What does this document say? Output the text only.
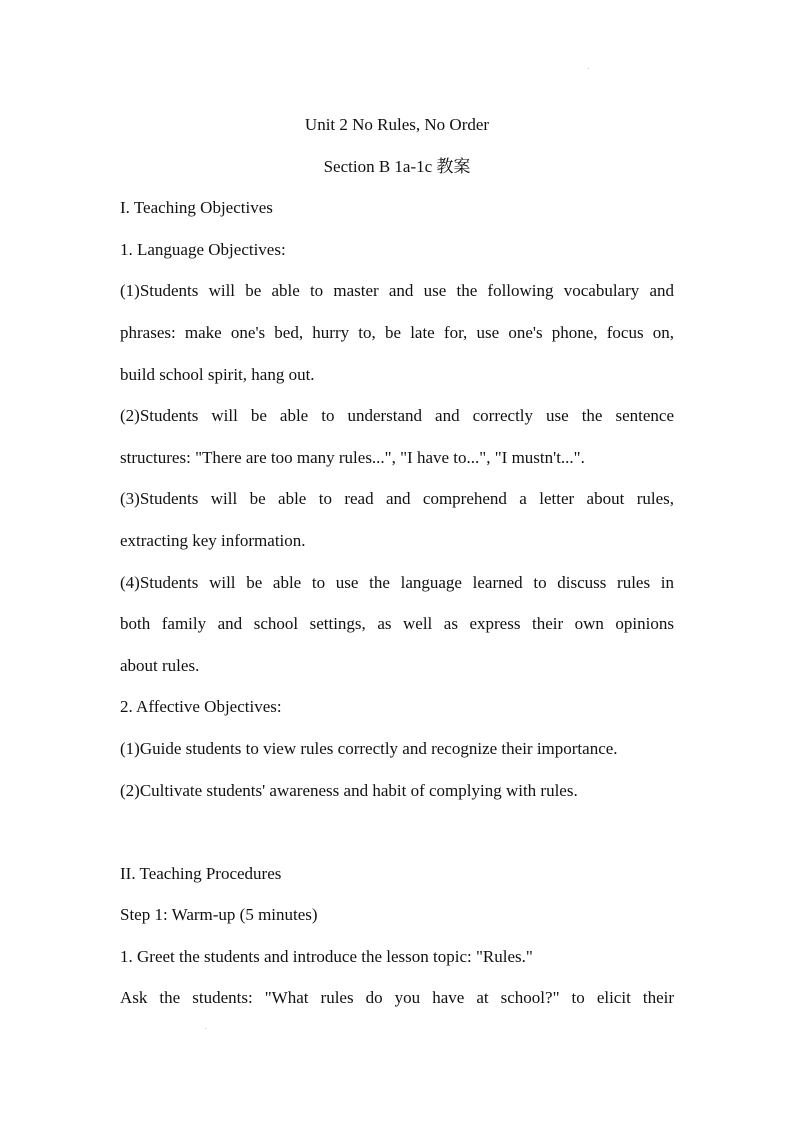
Unit 2 No Rules, No Order

Section B 1a-1c 教案

I. Teaching Objectives

1. Language Objectives:

(1)Students will be able to master and use the following vocabulary and

phrases: make one's bed, hurry to, be late for, use one's phone, focus on,

build school spirit, hang out.

(2)Students will be able to understand and correctly use the sentence

structures: "There are too many rules...", "I have to...", "I mustn't...".

(3)Students will be able to read and comprehend a letter about rules,

extracting key information.

(4)Students will be able to use the language learned to discuss rules in

both family and school settings, as well as express their own opinions

about rules.

2. Affective Objectives:

(1)Guide students to view rules correctly and recognize their importance.

(2)Cultivate students' awareness and habit of complying with rules.

II. Teaching Procedures

Step 1: Warm-up (5 minutes)

1. Greet the students and introduce the lesson topic: "Rules."

Ask the students: "What rules do you have at school?" to elicit their
